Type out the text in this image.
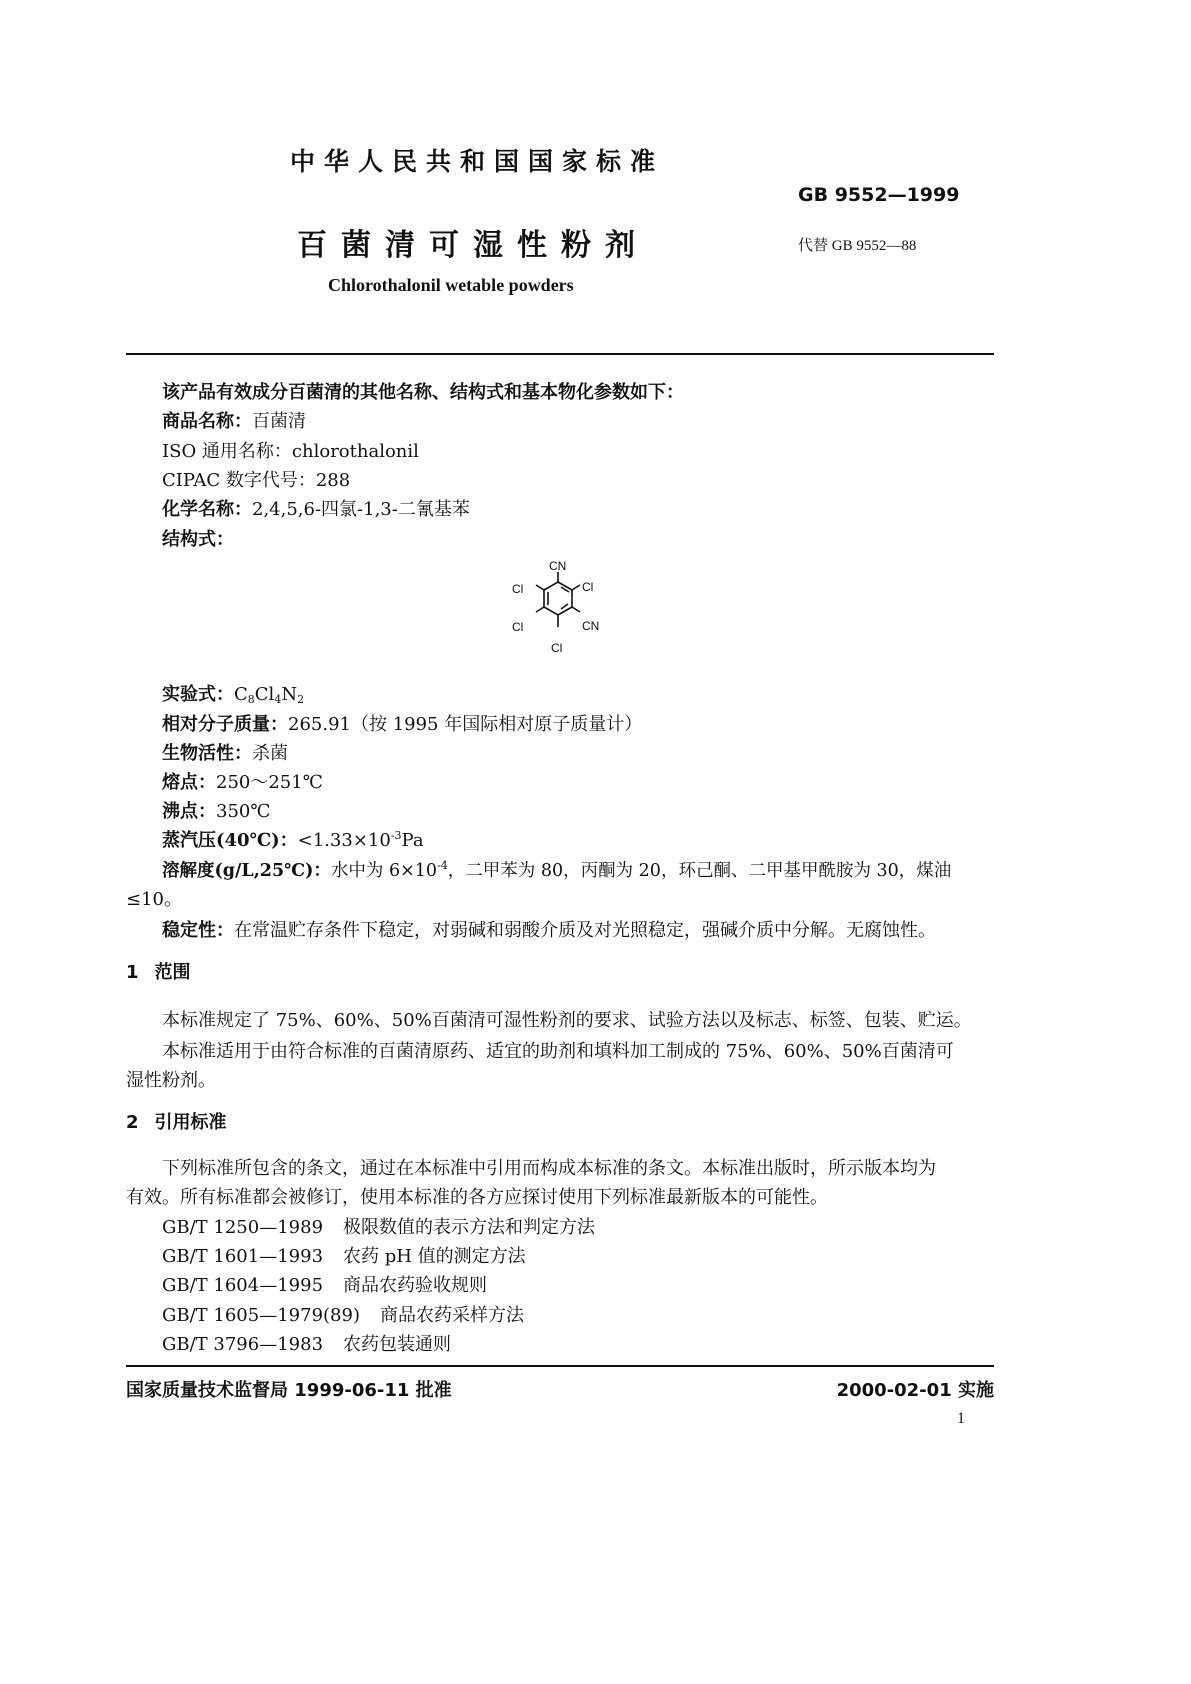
中华人民共和国国家标准
GB 9552—1999
百菌清可湿性粉剂	代替 GB 9552—88
Chlorothalonil wetable powders
该产品有效成分百菌清的其他名称、结构式和基本物化参数如下：
商品名称：百菌清
ISO 通用名称：chlorothalonil
CIPAC 数字代号：288
化学名称：2,4,5,6-四氯-1,3-二氰基苯
结构式：
CN
Cl	Cl
Cl	CN
Cl
实验式：$C_8Cl_4N_2$
相对分子质量：265.91（按 1995 年国际相对原子质量计）
生物活性：杀菌
熔点：250～251℃
沸点：350℃
蒸汽压(40℃)：$<1.33\times 10^{-3}Pa$
溶解度(g/L,25℃)：水中为 $6\times 10^{-4}$，二甲苯为 80，丙酮为 20，环己酮、二甲基甲酰胺为 30，煤油
≤10。
稳定性：在常温贮存条件下稳定，对弱碱和弱酸介质及对光照稳定，强碱介质中分解。无腐蚀性。
1 范围
本标准规定了 75%、60%、50%百菌清可湿性粉剂的要求、试验方法以及标志、标签、包装、贮运。
本标准适用于由符合标准的百菌清原药、适宜的助剂和填料加工制成的 75%、60%、50%百菌清可
湿性粉剂。
2 引用标准
下列标准所包含的条文，通过在本标准中引用而构成本标准的条文。本标准出版时，所示版本均为
有效。所有标准都会被修订，使用本标准的各方应探讨使用下列标准最新版本的可能性。
GB/T 1250—1989 极限数值的表示方法和判定方法
GB/T 1601—1993 农药 pH 值的测定方法
GB/T 1604—1995 商品农药验收规则
GB/T 1605—1979(89) 商品农药采样方法
GB/T 3796—1983 农药包装通则
国家质量技术监督局 1999-06-11 批准	2000-02-01 实施
1
